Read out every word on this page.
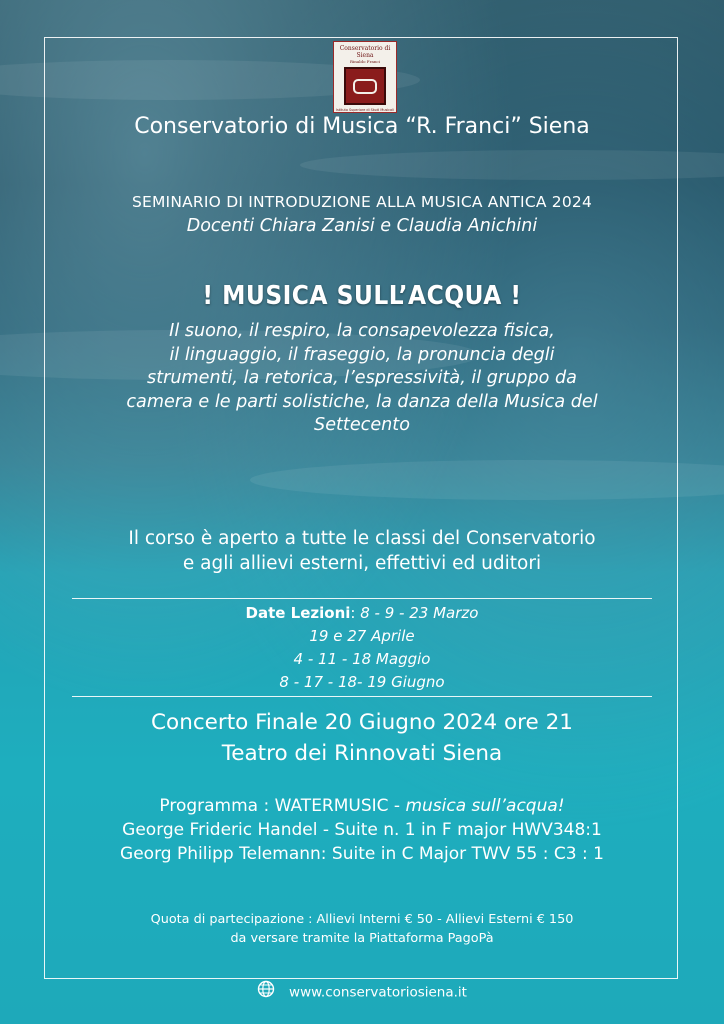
Conservatorio di Siena
Rinaldo Franci
Istituto Superiore di Studi Musicali
Conservatorio di Musica “R. Franci” Siena
SEMINARIO DI INTRODUZIONE ALLA MUSICA ANTICA 2024
Docenti Chiara Zanisi e Claudia Anichini
! MUSICA SULL’ACQUA !
Il suono, il respiro, la consapevolezza fisica,
il linguaggio, il fraseggio, la pronuncia degli
strumenti, la retorica, l’espressività, il gruppo da
camera e le parti solistiche, la danza della Musica del
Settecento
Il corso è aperto a tutte le classi del Conservatorio
e agli allievi esterni, effettivi ed uditori
Date Lezioni: 8 - 9 - 23 Marzo
19 e 27 Aprile
4 - 11 - 18 Maggio
8 - 17 - 18- 19 Giugno
Concerto Finale 20 Giugno 2024 ore 21
Teatro dei Rinnovati Siena
Programma : WATERMUSIC - musica sull’acqua!
George Frideric Handel - Suite n. 1 in F major HWV348:1
Georg Philipp Telemann: Suite in C Major TWV 55 : C3 : 1
Quota di partecipazione : Allievi Interni € 50 - Allievi Esterni € 150
da versare tramite la Piattaforma PagoPà
www.conservatoriosiena.it
